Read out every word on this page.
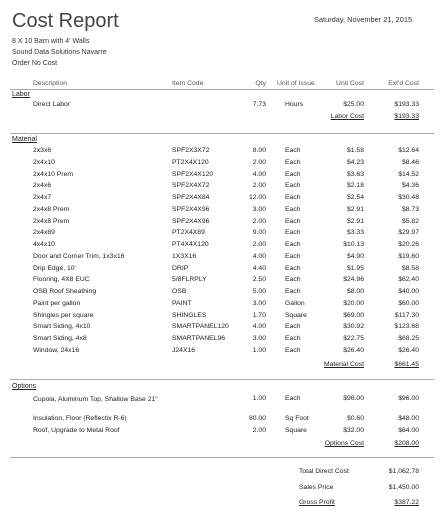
Cost Report	Saturday, November 21, 2015
8 X 10 Barn with 4' Walls
Sound Data Solutions Navarre
Order No Cost
Description	Item Code	Qty Unit of Issue	Unit Cost	Ext'd Cost
Labor
Direct Labor	7.73	Hours	$25.00	$193.33
Labor Cost	$193.33
Material
2x3x6	SPF2X3X72	8.00	Each	$1.58	$12.64
2x4x10	PT2X4X120	2.00	Each	$4.23	$8.46
2x4x10 Prem	SPF2X4X120	4.00	Each	$3.63	$14.52
2x4x6	SPF2X4X72	2.00	Each	$2.18	$4.36
2x4x7	SPF2X4X84	12.00	Each	$2.54	$30.48
2x4x8 Prem	SPF2X4X96	3.00	Each	$2.91	$8.73
2x4x8 Prem	SPF2X4X96	2.00	Each	$2.91	$5.82
2x4x89	PT2X4X89	9.00	Each	$3.33	$29.97
4x4x10	PT4X4X120	2.00	Each	$10.13	$20.26
Door and Corner Trim, 1x3x16	1X3X16	4.00	Each	$4.90	$19.60
Drip Edge, 10'	DRIP	4.40	Each	$1.95	$8.58
Flooring, 4X8 EUC	5/8FLRPLY	2.50	Each	$24.96	$62.40
OSB Roof Sheathing	OSB	5.00	Each	$8.00	$40.00
Paint per gallon	PAINT	3.00	Gallon	$20.00	$60.00
Shingles per square	SHINGLES	1.70	Square	$69.00	$117.30
Smart Siding, 4x10	SMARTPANEL120	4.00	Each	$30.92	$123.68
Smart Siding, 4x8	SMARTPANEL96	3.00	Each	$22.75	$68.25
Window, 24x16	J24X16	1.00	Each	$26.40	$26.40
Material Cost	$661.45
Options
Cupola, Aluminum Top, Shallow Base 21"	1.00	Each	$96.00	$96.00
Insulation, Floor (Reflectix R-6)	80.00	Sq Foot	$0.60	$48.00
Roof, Upgrade to Metal Roof	2.00	Square	$32.00	$64.00
Options Cost	$208.00
Total Direct Cost	$1,062.78
Sales Price	$1,450.00
Gross Profit	$387.22
